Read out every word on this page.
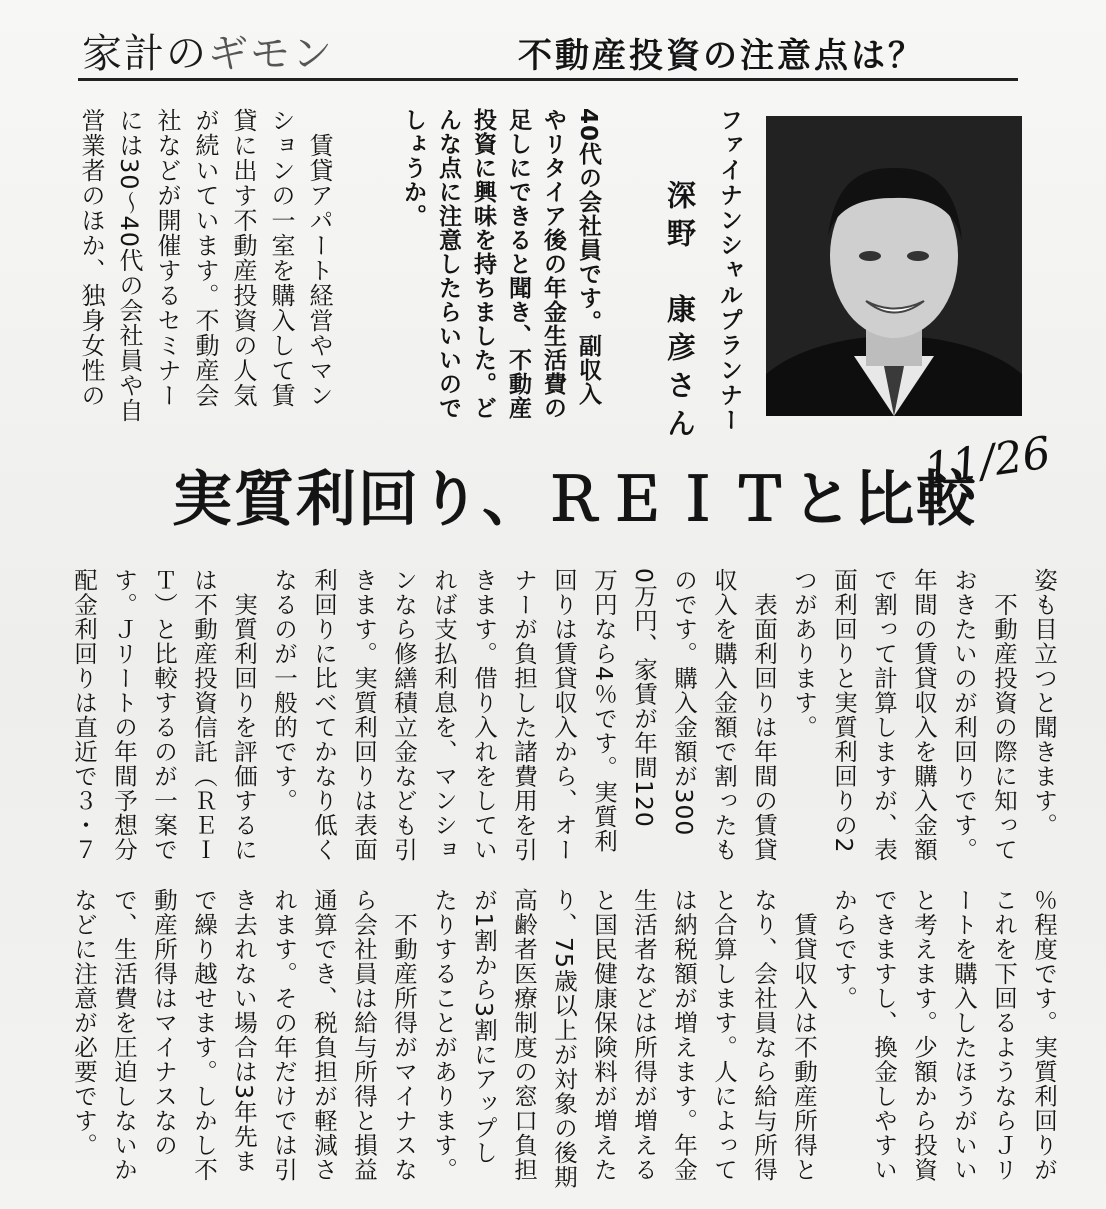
家計のギモン	不動産投資の注意点は？
ファイナンシャルプランナー
深野　康彦さん
40代の会社員です。副収入
やリタイア後の年金生活費の
足しにできると聞き、不動産
投資に興味を持ちました。ど
んな点に注意したらいいので
しょうか。
　賃貸アパート経営やマン
ションの一室を購入して賃
貸に出す不動産投資の人気
が続いています。不動産会
社などが開催するセミナー
には30〜40代の会社員や自
営業者のほか、独身女性の
実質利回り、ＲＥＩＴと比較
11/26
姿も目立つと聞きます。
　不動産投資の際に知って
おきたいのが利回りです。
年間の賃貸収入を購入金額
で割って計算しますが、表
面利回りと実質利回りの2
つがあります。
　表面利回りは年間の賃貸
収入を購入金額で割ったも
のです。購入金額が300
0万円、家賃が年間120
万円なら4％です。実質利
回りは賃貸収入から、オー
ナーが負担した諸費用を引
きます。借り入れをしてい
れば支払利息を、マンショ
ンなら修繕積立金なども引
きます。実質利回りは表面
利回りに比べてかなり低く
なるのが一般的です。
　実質利回りを評価するに
は不動産投資信託（ＲＥＩ
Ｔ）と比較するのが一案で
す。Ｊリートの年間予想分
配金利回りは直近で３・７
％程度です。実質利回りが
これを下回るようならＪリ
ートを購入したほうがいい
と考えます。少額から投資
できますし、換金しやすい
からです。
　賃貸収入は不動産所得と
なり、会社員なら給与所得
と合算します。人によって
は納税額が増えます。年金
生活者などは所得が増える
と国民健康保険料が増えた
り、75歳以上が対象の後期
高齢者医療制度の窓口負担
が1割から3割にアップし
たりすることがあります。
　不動産所得がマイナスな
ら会社員は給与所得と損益
通算でき、税負担が軽減さ
れます。その年だけでは引
き去れない場合は3年先ま
で繰り越せます。しかし不
動産所得はマイナスなの
で、生活費を圧迫しないか
などに注意が必要です。
